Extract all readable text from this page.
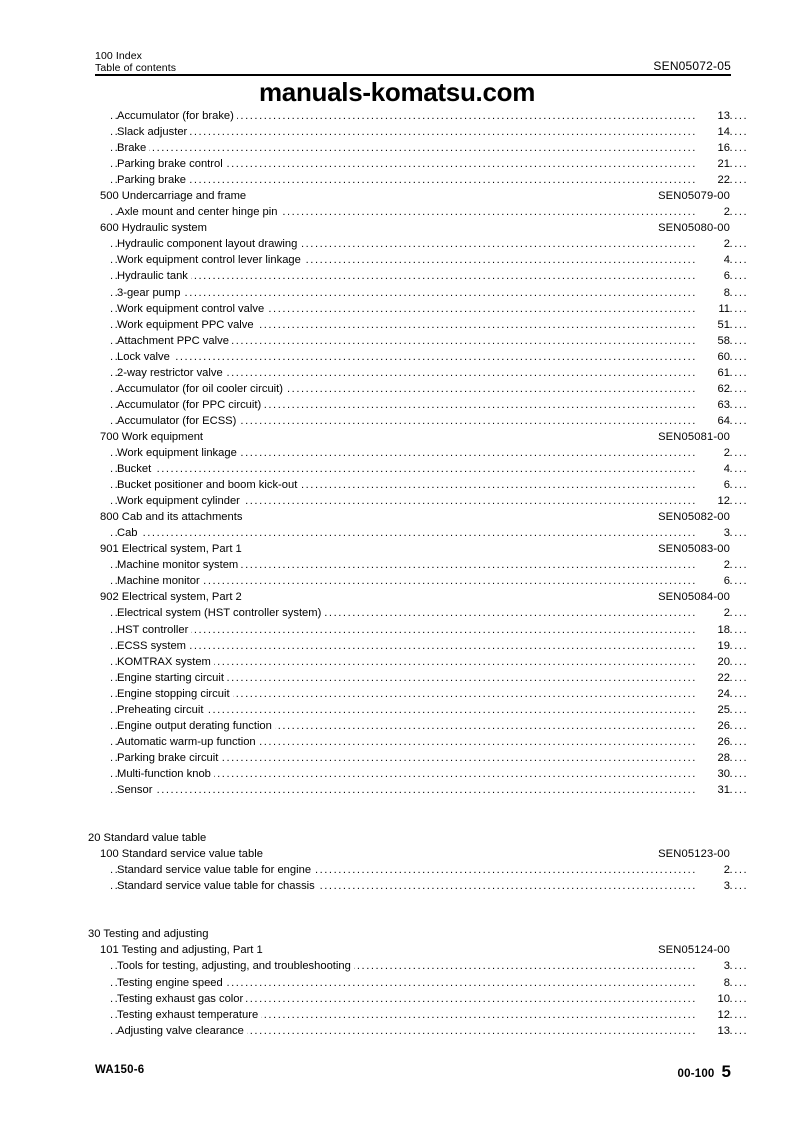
100 Index
Table of contents	SEN05072-05
manuals-komatsu.com
.....
Accumulator (for brake)	13
.....
Slack adjuster	14
.....
Brake	16
.....
Parking brake control	21
.....
Parking brake	22
500 Undercarriage and frame	SEN05079-00
.....
Axle mount and center hinge pin	2
600 Hydraulic system	SEN05080-00
.....
Hydraulic component layout drawing	2
.....
Work equipment control lever linkage	4
.....
Hydraulic tank	6
.....
3-gear pump	8
.....
Work equipment control valve	11
.....
Work equipment PPC valve	51
.....
Attachment PPC valve	58
.....
Lock valve	60
.....
2-way restrictor valve	61
.....
Accumulator (for oil cooler circuit)	62
.....
Accumulator (for PPC circuit)	63
.....
Accumulator (for ECSS)	64
700 Work equipment	SEN05081-00
.....
Work equipment linkage	2
.....
Bucket	4
.....
Bucket positioner and boom kick-out	6
.....
Work equipment cylinder	12
800 Cab and its attachments	SEN05082-00
.....
Cab	3
901 Electrical system, Part 1	SEN05083-00
.....
Machine monitor system	2
.....
Machine monitor	6
902 Electrical system, Part 2	SEN05084-00
.....
Electrical system (HST controller system)	2
.....
HST controller	18
.....
ECSS system	19
.....
KOMTRAX system	20
.....
Engine starting circuit	22
.....
Engine stopping circuit	24
.....
Preheating circuit	25
.....
Engine output derating function	26
.....
Automatic warm-up function	26
.....
Parking brake circuit	28
.....
Multi-function knob	30
.....
Sensor	31
20 Standard value table
100 Standard service value table	SEN05123-00
.....
Standard service value table for engine	2
.....
Standard service value table for chassis	3
30 Testing and adjusting
101 Testing and adjusting, Part 1	SEN05124-00
.....
Tools for testing, adjusting, and troubleshooting	3
.....
Testing engine speed	8
.....
Testing exhaust gas color	10
.....
Testing exhaust temperature	12
.....
Adjusting valve clearance	13
WA150-6	00-100 5
